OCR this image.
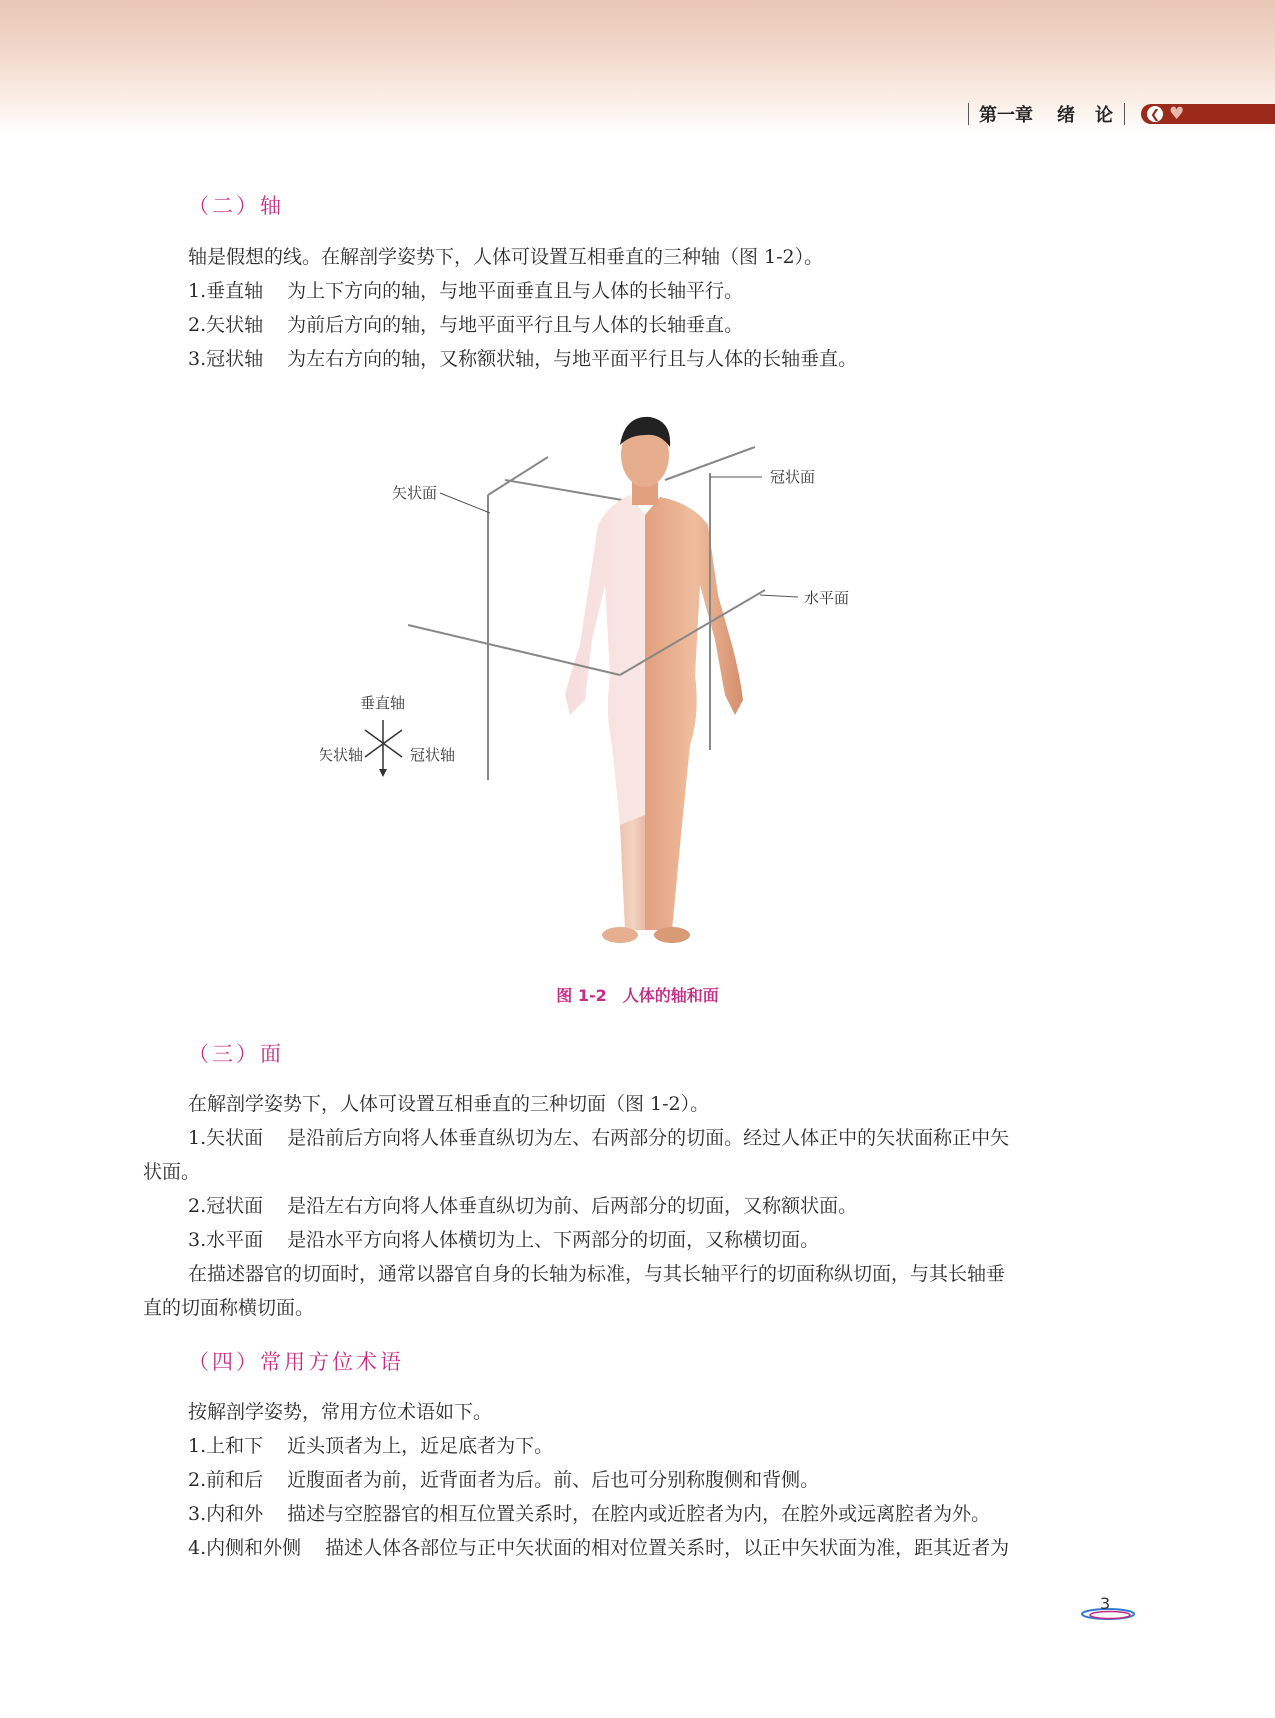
第一章 绪　论	❮ ♥
（二）轴
轴是假想的线。在解剖学姿势下，人体可设置互相垂直的三种轴（图 1-2）。
1.垂直轴 为上下方向的轴，与地平面垂直且与人体的长轴平行。
2.矢状轴 为前后方向的轴，与地平面平行且与人体的长轴垂直。
3.冠状轴 为左右方向的轴，又称额状轴，与地平面平行且与人体的长轴垂直。
矢状面
冠状面
水平面
垂直轴
矢状轴	冠状轴
图 1-2 人体的轴和面
（三）面
在解剖学姿势下，人体可设置互相垂直的三种切面（图 1-2）。
1.矢状面 是沿前后方向将人体垂直纵切为左、右两部分的切面。经过人体正中的矢状面称正中矢
状面。
2.冠状面 是沿左右方向将人体垂直纵切为前、后两部分的切面，又称额状面。
3.水平面 是沿水平方向将人体横切为上、下两部分的切面，又称横切面。
在描述器官的切面时，通常以器官自身的长轴为标准，与其长轴平行的切面称纵切面，与其长轴垂
直的切面称横切面。
（四）常用方位术语
按解剖学姿势，常用方位术语如下。
1.上和下 近头顶者为上，近足底者为下。
2.前和后 近腹面者为前，近背面者为后。前、后也可分别称腹侧和背侧。
3.内和外 描述与空腔器官的相互位置关系时，在腔内或近腔者为内，在腔外或远离腔者为外。
4.内侧和外侧 描述人体各部位与正中矢状面的相对位置关系时，以正中矢状面为准，距其近者为
3
